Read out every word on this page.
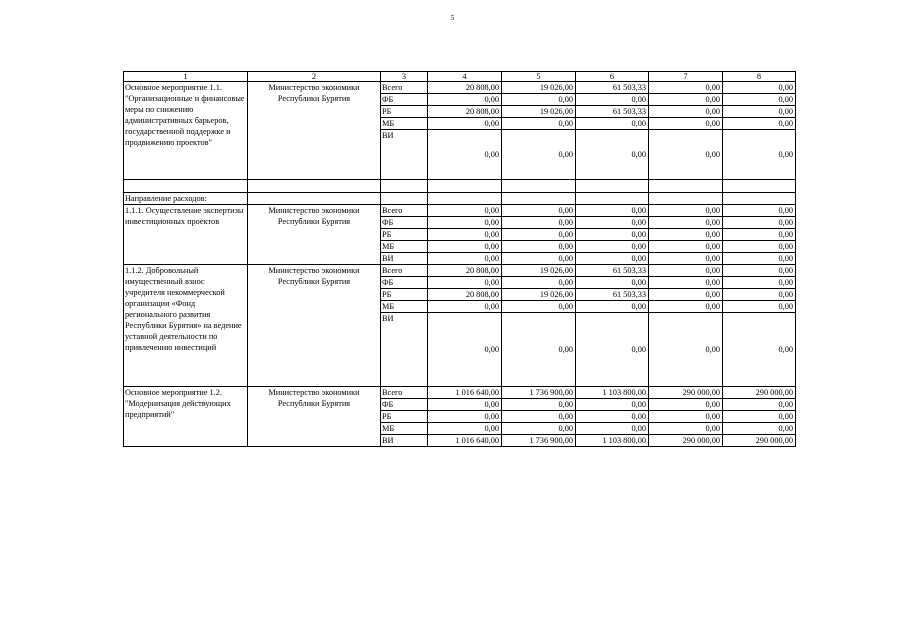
5
1	2	3	4	5	6	7	8
Основное мероприятие 1.1. "Организационные и финансовые меры по снижению административных барьеров, государственной поддержке и продвижению проектов"	Министерство экономики Республики Бурятия	Всего	20 808,00	19 026,00	61 503,33	0,00	0,00
		ФБ	0,00	0,00	0,00	0,00	0,00
		РБ	20 808,00	19 026,00	61 503,33	0,00	0,00
		МБ	0,00	0,00	0,00	0,00	0,00
		ВИ	0,00	0,00	0,00	0,00	0,00

Направление расходов:							
1.1.1. Осуществление экспертизы инвестиционных проектов	Министерство экономики Республики Бурятия	Всего	0,00	0,00	0,00	0,00	0,00
		ФБ	0,00	0,00	0,00	0,00	0,00
		РБ	0,00	0,00	0,00	0,00	0,00
		МБ	0,00	0,00	0,00	0,00	0,00
		ВИ	0,00	0,00	0,00	0,00	0,00
1.1.2. Добровольный имущественный взнос учредителя некоммерческой организации «Фонд регионального развития Республики Бурятия» на ведение уставной деятельности по привлечению инвестиций	Министерство экономики Республики Бурятия	Всего	20 808,00	19 026,00	61 503,33	0,00	0,00
		ФБ	0,00	0,00	0,00	0,00	0,00
		РБ	20 808,00	19 026,00	61 503,33	0,00	0,00
		МБ	0,00	0,00	0,00	0,00	0,00
		ВИ	0,00	0,00	0,00	0,00	0,00
Основное мероприятие 1.2. "Модернизация действующих предприятий"	Министерство экономики Республики Бурятия	Всего	1 016 640,00	1 736 900,00	1 103 800,00	290 000,00	290 000,00
		ФБ	0,00	0,00	0,00	0,00	0,00
		РБ	0,00	0,00	0,00	0,00	0,00
		МБ	0,00	0,00	0,00	0,00	0,00
		ВИ	1 016 640,00	1 736 900,00	1 103 800,00	290 000,00	290 000,00
